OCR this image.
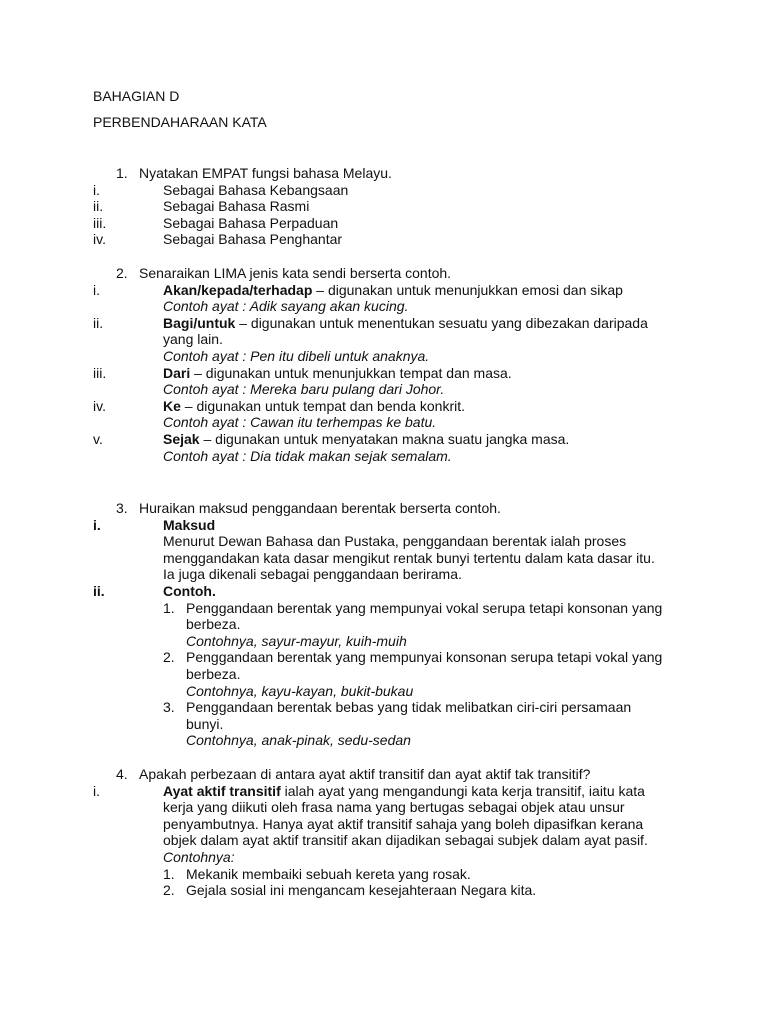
BAHAGIAN D
PERBENDAHARAAN KATA
1. Nyatakan EMPAT fungsi bahasa Melayu.
i.	Sebagai Bahasa Kebangsaan
ii.	Sebagai Bahasa Rasmi
iii.	Sebagai Bahasa Perpaduan
iv.	Sebagai Bahasa Penghantar
2. Senaraikan LIMA jenis kata sendi berserta contoh.
i.	Akan/kepada/terhadap – digunakan untuk menunjukkan emosi dan sikap
Contoh ayat : Adik sayang akan kucing.
ii.	Bagi/untuk – digunakan untuk menentukan sesuatu yang dibezakan daripada
yang lain.
Contoh ayat : Pen itu dibeli untuk anaknya.
iii.	Dari – digunakan untuk menunjukkan tempat dan masa.
Contoh ayat : Mereka baru pulang dari Johor.
iv.	Ke – digunakan untuk tempat dan benda konkrit.
Contoh ayat : Cawan itu terhempas ke batu.
v.	Sejak – digunakan untuk menyatakan makna suatu jangka masa.
Contoh ayat : Dia tidak makan sejak semalam.
3. Huraikan maksud penggandaan berentak berserta contoh.
i.	Maksud
Menurut Dewan Bahasa dan Pustaka, penggandaan berentak ialah proses
menggandakan kata dasar mengikut rentak bunyi tertentu dalam kata dasar itu.
Ia juga dikenali sebagai penggandaan berirama.
ii.	Contoh.
1. Penggandaan berentak yang mempunyai vokal serupa tetapi konsonan yang
berbeza.
Contohnya, sayur-mayur, kuih-muih
2. Penggandaan berentak yang mempunyai konsonan serupa tetapi vokal yang
berbeza.
Contohnya, kayu-kayan, bukit-bukau
3. Penggandaan berentak bebas yang tidak melibatkan ciri-ciri persamaan
bunyi.
Contohnya, anak-pinak, sedu-sedan
4. Apakah perbezaan di antara ayat aktif transitif dan ayat aktif tak transitif?
i.	Ayat aktif transitif ialah ayat yang mengandungi kata kerja transitif, iaitu kata
kerja yang diikuti oleh frasa nama yang bertugas sebagai objek atau unsur
penyambutnya. Hanya ayat aktif transitif sahaja yang boleh dipasifkan kerana
objek dalam ayat aktif transitif akan dijadikan sebagai subjek dalam ayat pasif.
Contohnya:
1. Mekanik membaiki sebuah kereta yang rosak.
2. Gejala sosial ini mengancam kesejahteraan Negara kita.
